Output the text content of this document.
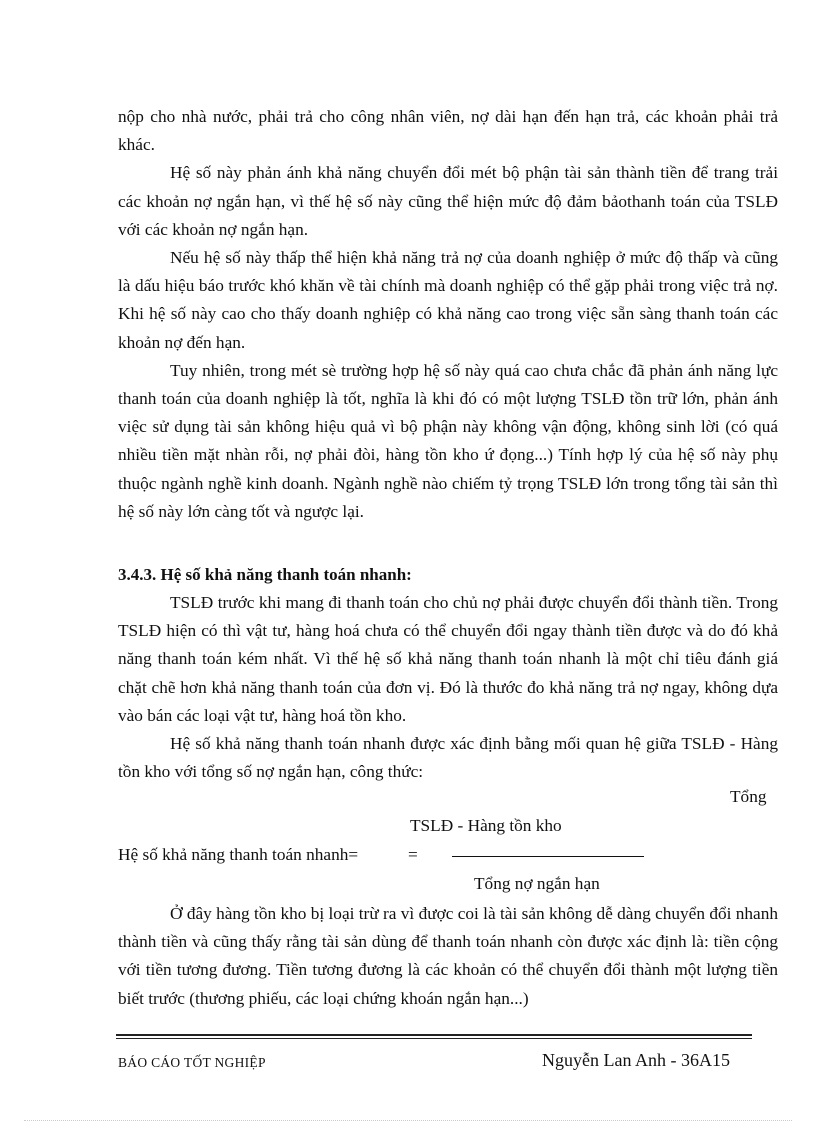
nộp cho nhà nước, phải trả cho công nhân viên, nợ dài hạn đến hạn trả, các khoản phải trả khác.

Hệ số này phản ánh khả năng chuyển đổi mét bộ phận tài sản thành tiền để trang trải các khoản nợ ngắn hạn, vì thế hệ số này cũng thể hiện mức độ đảm bảothanh toán của TSLĐ với các khoản nợ ngắn hạn.

Nếu hệ số này thấp thể hiện khả năng trả nợ của doanh nghiệp ở mức độ thấp và cũng là dấu hiệu báo trước khó khăn về tài chính mà doanh nghiệp có thể gặp phải trong việc trả nợ. Khi hệ số này cao cho thấy doanh nghiệp có khả năng cao trong việc sẵn sàng thanh toán các khoản nợ đến hạn.

Tuy nhiên, trong mét sè trường hợp hệ số này quá cao chưa chắc đã phản ánh năng lực thanh toán của doanh nghiệp là tốt, nghĩa là khi đó có một lượng TSLĐ tồn trữ lớn, phản ánh việc sử dụng tài sản không hiệu quả vì bộ phận này không vận động, không sinh lời (có quá nhiều tiền mặt nhàn rỗi, nợ phải đòi, hàng tồn kho ứ đọng...) Tính hợp lý của hệ số này phụ thuộc ngành nghề kinh doanh. Ngành nghề nào chiếm tỷ trọng TSLĐ lớn trong tổng tài sản thì hệ số này lớn càng tốt và ngược lại.

3.4.3. Hệ số khả năng thanh toán nhanh:

TSLĐ trước khi mang đi thanh toán cho chủ nợ phải được chuyển đổi thành tiền. Trong TSLĐ hiện có thì vật tư, hàng hoá chưa có thể chuyển đổi ngay thành tiền được và do đó khả năng thanh toán kém nhất. Vì thế hệ số khả năng thanh toán nhanh là một chỉ tiêu đánh giá chặt chẽ hơn khả năng thanh toán của đơn vị. Đó là thước đo khả năng trả nợ ngay, không dựa vào bán các loại vật tư, hàng hoá tồn kho.

Hệ số khả năng thanh toán nhanh được xác định bằng mối quan hệ giữa TSLĐ - Hàng tồn kho với tổng số nợ ngắn hạn, công thức:

Tổng
TSLĐ - Hàng tồn kho
Hệ số khả năng thanh toán nhanh=	=
Tổng nợ ngắn hạn

Ở đây hàng tồn kho bị loại trừ ra vì được coi là tài sản không dễ dàng chuyển đổi nhanh thành tiền và cũng thấy rằng tài sản dùng để thanh toán nhanh còn được xác định là: tiền cộng với tiền tương đương. Tiền tương đương là các khoản có thể chuyển đổi thành một lượng tiền biết trước (thương phiếu, các loại chứng khoán ngắn hạn...)

BÁO CÁO TỐT NGHIỆP	Nguyễn Lan Anh - 36A15
